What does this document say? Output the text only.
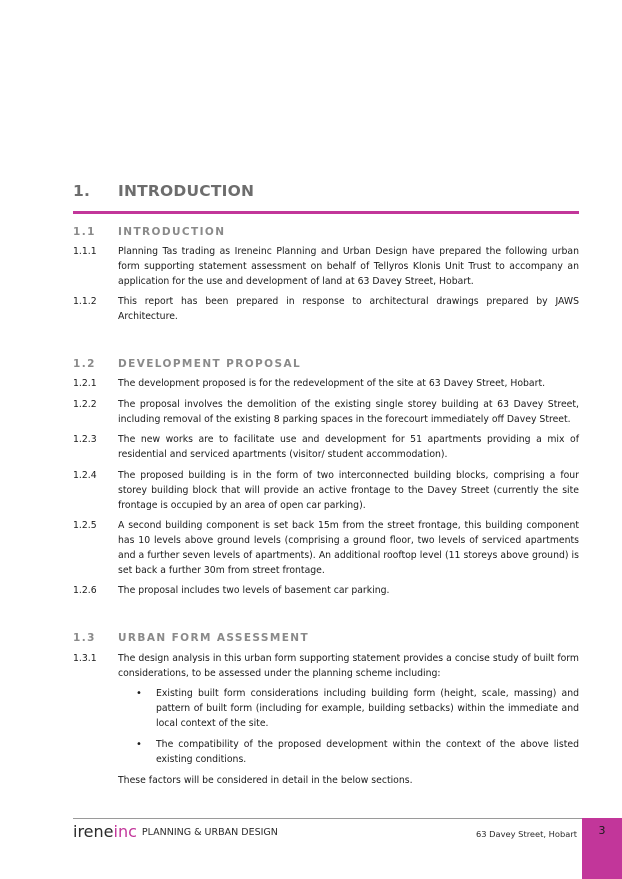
1. INTRODUCTION
1.1 INTRODUCTION
1.1.1	Planning Tas trading as Ireneinc Planning and Urban Design have prepared the following urban form supporting statement assessment on behalf of Tellyros Klonis Unit Trust to accompany an application for the use and development of land at 63 Davey Street, Hobart.
1.1.2	This report has been prepared in response to architectural drawings prepared by JAWS Architecture.
1.2 DEVELOPMENT PROPOSAL
1.2.1	The development proposed is for the redevelopment of the site at 63 Davey Street, Hobart.
1.2.2	The proposal involves the demolition of the existing single storey building at 63 Davey Street, including removal of the existing 8 parking spaces in the forecourt immediately off Davey Street.
1.2.3	The new works are to facilitate use and development for 51 apartments providing a mix of residential and serviced apartments (visitor/ student accommodation).
1.2.4	The proposed building is in the form of two interconnected building blocks, comprising a four storey building block that will provide an active frontage to the Davey Street (currently the site frontage is occupied by an area of open car parking).
1.2.5	A second building component is set back 15m from the street frontage, this building component has 10 levels above ground levels (comprising a ground floor, two levels of serviced apartments and a further seven levels of apartments). An additional rooftop level (11 storeys above ground) is set back a further 30m from street frontage.
1.2.6	The proposal includes two levels of basement car parking.
1.3 URBAN FORM ASSESSMENT
1.3.1	The design analysis in this urban form supporting statement provides a concise study of built form considerations, to be assessed under the planning scheme including:
• Existing built form considerations including building form (height, scale, massing) and pattern of built form (including for example, building setbacks) within the immediate and local context of the site.
• The compatibility of the proposed development within the context of the above listed existing conditions.
These factors will be considered in detail in the below sections.
ireneinc PLANNING & URBAN DESIGN	63 Davey Street, Hobart	3
